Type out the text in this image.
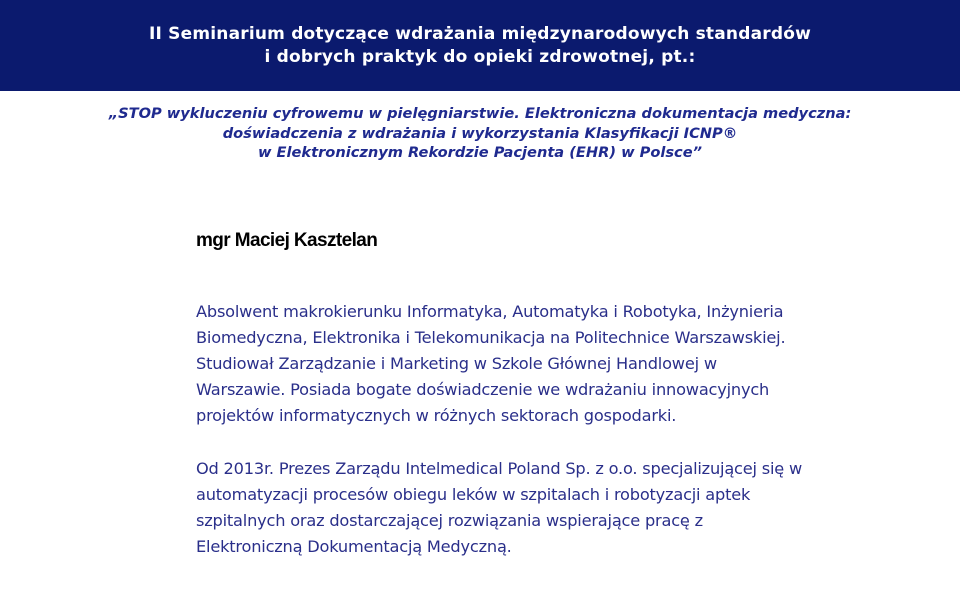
II Seminarium dotyczące wdrażania międzynarodowych standardów
i dobrych praktyk do opieki zdrowotnej, pt.:
„STOP wykluczeniu cyfrowemu w pielęgniarstwie. Elektroniczna dokumentacja medyczna:
doświadczenia z wdrażania i wykorzystania Klasyfikacji ICNP®
w Elektronicznym Rekordzie Pacjenta (EHR) w Polsce”
mgr Maciej Kasztelan

Absolwent makrokierunku Informatyka, Automatyka i Robotyka, Inżynieria
Biomedyczna, Elektronika i Telekomunikacja na Politechnice Warszawskiej.
Studiował Zarządzanie i Marketing w Szkole Głównej Handlowej w
Warszawie. Posiada bogate doświadczenie we wdrażaniu innowacyjnych
projektów informatycznych w różnych sektorach gospodarki.

Od 2013r. Prezes Zarządu Intelmedical Poland Sp. z o.o. specjalizującej się w
automatyzacji procesów obiegu leków w szpitalach i robotyzacji aptek
szpitalnych oraz dostarczającej rozwiązania wspierające pracę z
Elektroniczną Dokumentacją Medyczną.
